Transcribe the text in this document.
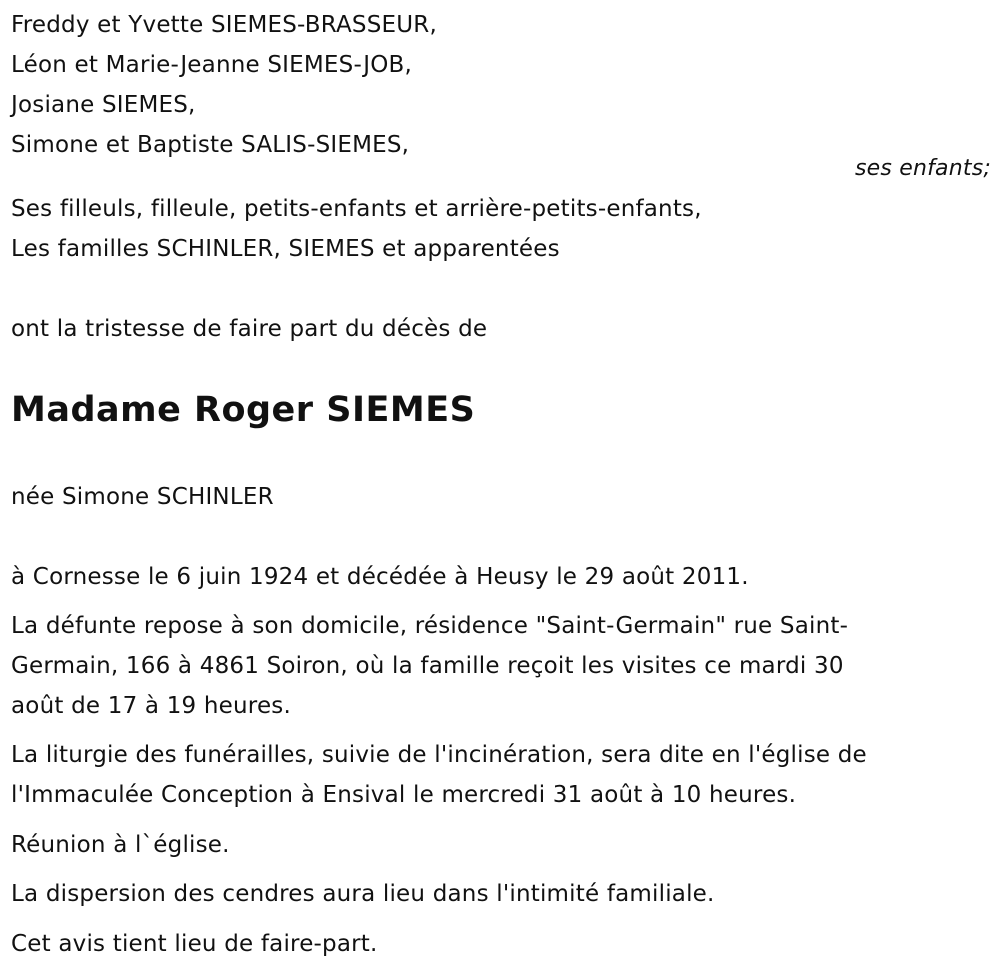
Freddy et Yvette SIEMES-BRASSEUR,
Léon et Marie-Jeanne SIEMES-JOB,
Josiane SIEMES,
Simone et Baptiste SALIS-SIEMES,
ses enfants;
Ses filleuls, filleule, petits-enfants et arrière-petits-enfants,
Les familles SCHINLER, SIEMES et apparentées
ont la tristesse de faire part du décès de
Madame Roger SIEMES
née Simone SCHINLER
à Cornesse le 6 juin 1924 et décédée à Heusy le 29 août 2011.
La défunte repose à son domicile, résidence "Saint-Germain" rue Saint-
Germain, 166 à 4861 Soiron, où la famille reçoit les visites ce mardi 30
août de 17 à 19 heures.
La liturgie des funérailles, suivie de l'incinération, sera dite en l'église de
l'Immaculée Conception à Ensival le mercredi 31 août à 10 heures.
Réunion à l`église.
La dispersion des cendres aura lieu dans l'intimité familiale.
Cet avis tient lieu de faire-part.
